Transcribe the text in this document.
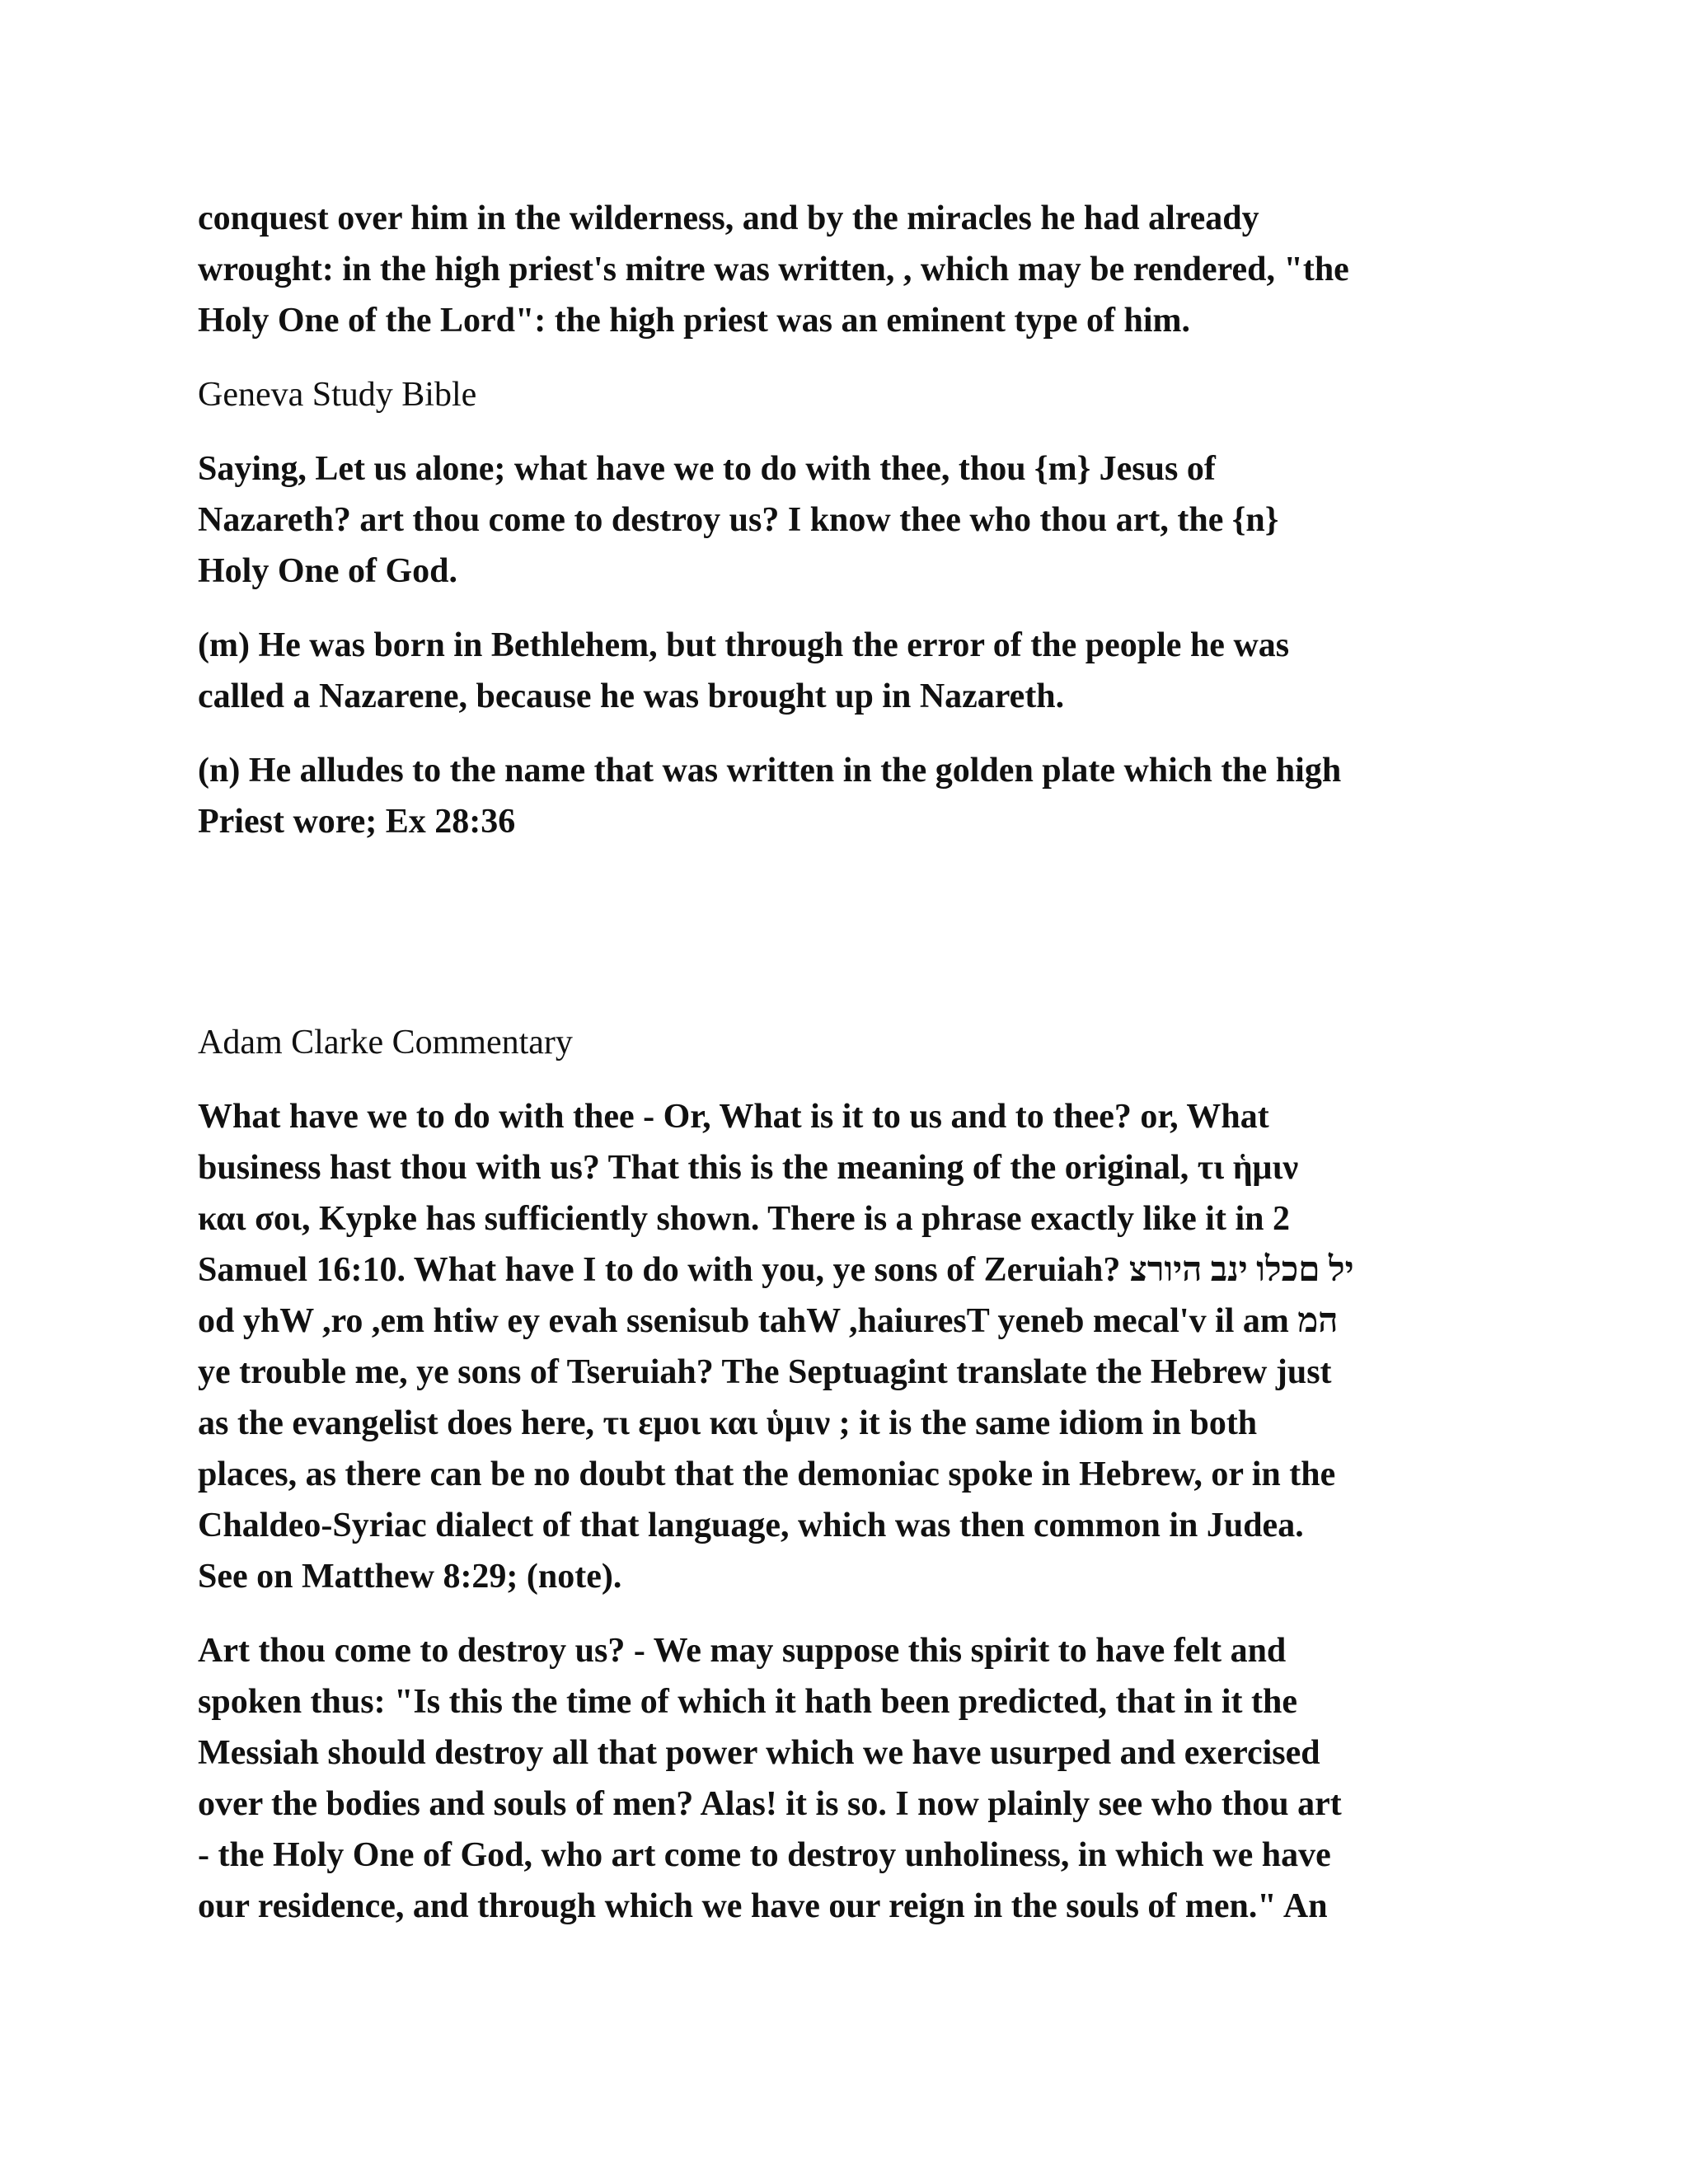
conquest over him in the wilderness, and by the miracles he had already
wrought: in the high priest's mitre was written, , which may be rendered, "the
Holy One of the Lord": the high priest was an eminent type of him.
Geneva Study Bible
Saying, Let us alone; what have we to do with thee, thou {m} Jesus of
Nazareth? art thou come to destroy us? I know thee who thou art, the {n}
Holy One of God.
(m) He was born in Bethlehem, but through the error of the people he was
called a Nazarene, because he was brought up in Nazareth.
(n) He alludes to the name that was written in the golden plate which the high
Priest wore; Ex 28:36
Adam Clarke Commentary
What have we to do with thee - Or, What is it to us and to thee? or, What
business hast thou with us? That this is the meaning of the original, τι ἡμιν
και σοι, Kypke has sufficiently shown. There is a phrase exactly like it in 2
Samuel 16:10. What have I to do with you, ye sons of Zeruiah? יל םכלו ינב היורצ
od yhW ,ro ,em htiw ey evah ssenisub tahW ,haiuresT yeneb mecal'v il am המ
ye trouble me, ye sons of Tseruiah? The Septuagint translate the Hebrew just
as the evangelist does here, τι εμοι και ὑμιν ; it is the same idiom in both
places, as there can be no doubt that the demoniac spoke in Hebrew, or in the
Chaldeo-Syriac dialect of that language, which was then common in Judea.
See on Matthew 8:29; (note).
Art thou come to destroy us? - We may suppose this spirit to have felt and
spoken thus: "Is this the time of which it hath been predicted, that in it the
Messiah should destroy all that power which we have usurped and exercised
over the bodies and souls of men? Alas! it is so. I now plainly see who thou art
- the Holy One of God, who art come to destroy unholiness, in which we have
our residence, and through which we have our reign in the souls of men." An
